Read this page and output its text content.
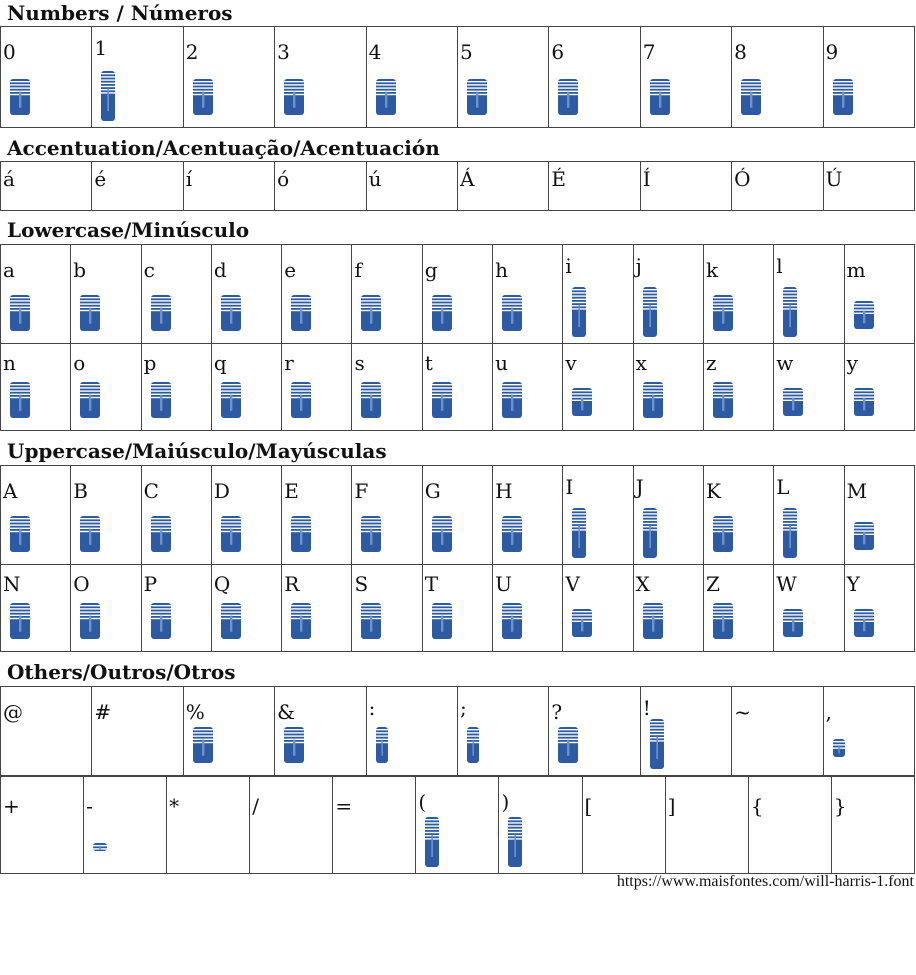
Numbers / Números
Accentuation/Acentuação/Acentuación
Lowercase/Minúsculo
Uppercase/Maiúsculo/Mayúsculas
Others/Outros/Otros
0	1	2	3	4	5	6	7	8	9
á	é	í	ó	ú	Á	É	Í	Ó	Ú
a	b	c	d	e	f	g	h	i	j	k	l	m

n	o	p	q	r	s	t	u	v	x	z	w	y
A	B	C	D	E	F	G	H	I	J	K	L	M

N	O	P	Q	R	S	T	U	V	X	Z	W	Y
@	#	%	&	:	;	?	!	~	,
+	-	*	/	=	(	)	[	]	{	}
https://www.maisfontes.com/will-harris-1.font
